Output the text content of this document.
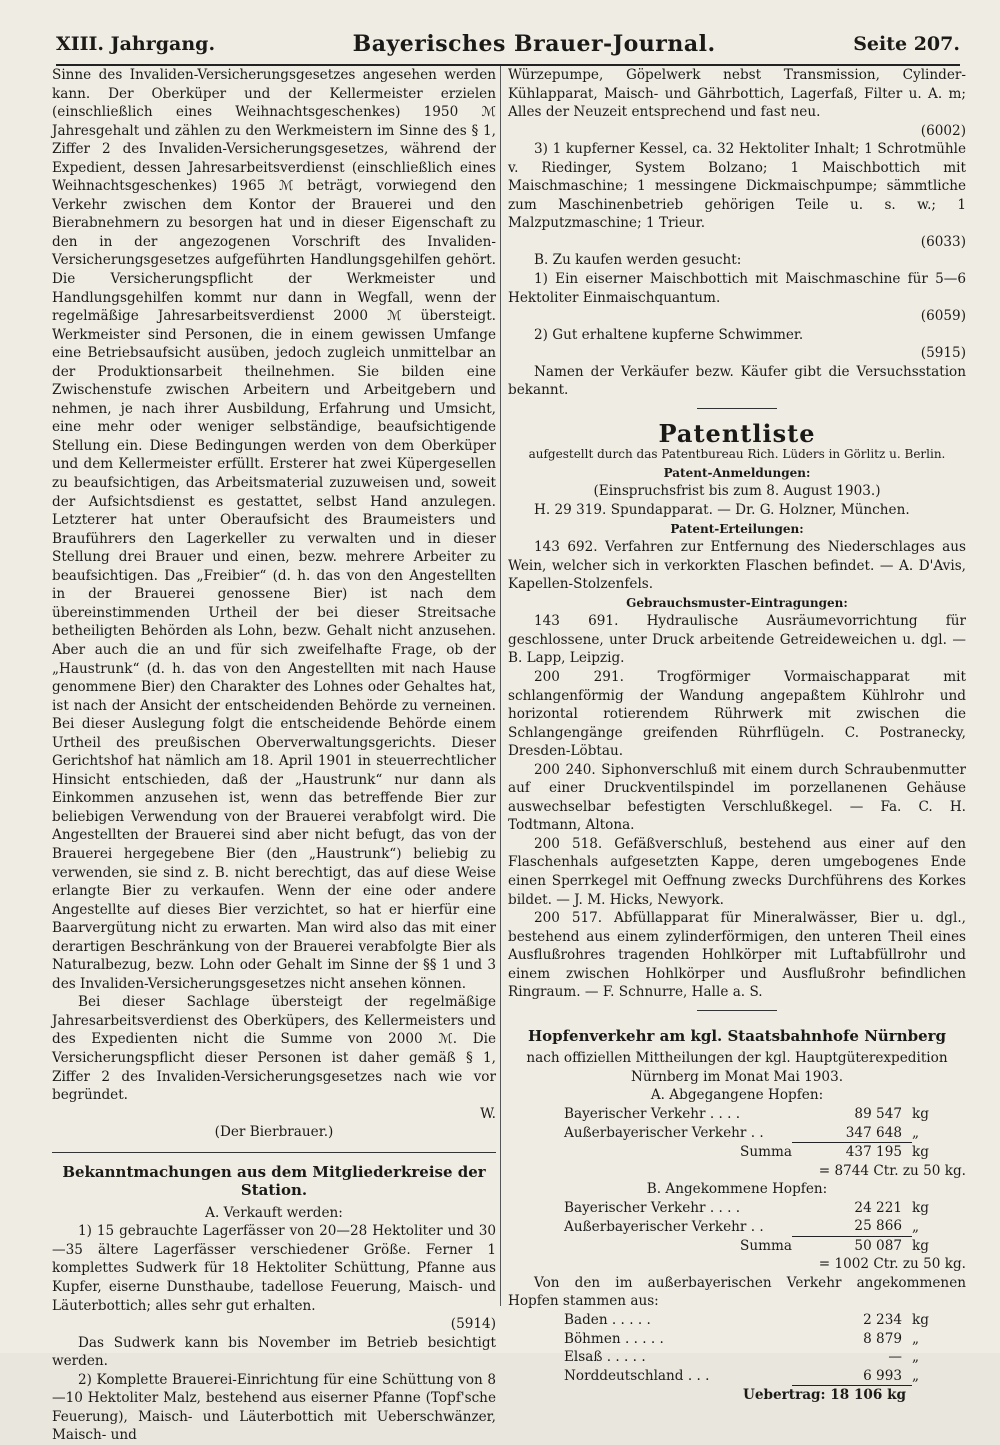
XIII. Jahrgang.	Bayerisches Brauer-Journal.	Seite 207.

Sinne des Invaliden-Versicherungsgesetzes angesehen werden kann. Der Oberküper und der Kellermeister erzielen (einschließlich eines Weihnachtsgeschenkes) 1950 ℳ Jahresgehalt und zählen zu den Werkmeistern im Sinne des § 1, Ziffer 2 des Invaliden-Versicherungsgesetzes, während der Expedient, dessen Jahresarbeitsverdienst (einschließlich eines Weihnachtsgeschenkes) 1965 ℳ beträgt, vorwiegend den Verkehr zwischen dem Kontor der Brauerei und den Bierabnehmern zu besorgen hat und in dieser Eigenschaft zu den in der angezogenen Vorschrift des Invaliden-Versicherungsgesetzes aufgeführten Handlungsgehilfen gehört. Die Versicherungspflicht der Werkmeister und Handlungsgehilfen kommt nur dann in Wegfall, wenn der regelmäßige Jahresarbeitsverdienst 2000 ℳ übersteigt. Werkmeister sind Personen, die in einem gewissen Umfange eine Betriebsaufsicht ausüben, jedoch zugleich unmittelbar an der Produktionsarbeit theilnehmen. Sie bilden eine Zwischenstufe zwischen Arbeitern und Arbeitgebern und nehmen, je nach ihrer Ausbildung, Erfahrung und Umsicht, eine mehr oder weniger selbständige, beaufsichtigende Stellung ein. Diese Bedingungen werden von dem Oberküper und dem Kellermeister erfüllt. Ersterer hat zwei Küpergesellen zu beaufsichtigen, das Arbeitsmaterial zuzuweisen und, soweit der Aufsichtsdienst es gestattet, selbst Hand anzulegen. Letzterer hat unter Oberaufsicht des Braumeisters und Brauführers den Lagerkeller zu verwalten und in dieser Stellung drei Brauer und einen, bezw. mehrere Arbeiter zu beaufsichtigen. Das „Freibier“ (d. h. das von den Angestellten in der Brauerei genossene Bier) ist nach dem übereinstimmenden Urtheil der bei dieser Streitsache betheiligten Behörden als Lohn, bezw. Gehalt nicht anzusehen. Aber auch die an und für sich zweifelhafte Frage, ob der „Haustrunk“ (d. h. das von den Angestellten mit nach Hause genommene Bier) den Charakter des Lohnes oder Gehaltes hat, ist nach der Ansicht der entscheidenden Behörde zu verneinen. Bei dieser Auslegung folgt die entscheidende Behörde einem Urtheil des preußischen Oberverwaltungsgerichts. Dieser Gerichtshof hat nämlich am 18. April 1901 in steuerrechtlicher Hinsicht entschieden, daß der „Haustrunk“ nur dann als Einkommen anzusehen ist, wenn das betreffende Bier zur beliebigen Verwendung von der Brauerei verabfolgt wird. Die Angestellten der Brauerei sind aber nicht befugt, das von der Brauerei hergegebene Bier (den „Haustrunk“) beliebig zu verwenden, sie sind z. B. nicht berechtigt, das auf diese Weise erlangte Bier zu verkaufen. Wenn der eine oder andere Angestellte auf dieses Bier verzichtet, so hat er hierfür eine Baarvergütung nicht zu erwarten. Man wird also das mit einer derartigen Beschränkung von der Brauerei verabfolgte Bier als Naturalbezug, bezw. Lohn oder Gehalt im Sinne der §§ 1 und 3 des Invaliden-Versicherungsgesetzes nicht ansehen können.

Bei dieser Sachlage übersteigt der regelmäßige Jahresarbeitsverdienst des Oberküpers, des Kellermeisters und des Expedienten nicht die Summe von 2000 ℳ. Die Versicherungspflicht dieser Personen ist daher gemäß § 1, Ziffer 2 des Invaliden-Versicherungsgesetzes nach wie vor begründet.

W.

(Der Bierbrauer.)

Bekanntmachungen aus dem Mitgliederkreise der Station.

A. Verkauft werden:

1) 15 gebrauchte Lagerfässer von 20—28 Hektoliter und 30—35 ältere Lagerfässer verschiedener Größe. Ferner 1 komplettes Sudwerk für 18 Hektoliter Schüttung, Pfanne aus Kupfer, eiserne Dunsthaube, tadellose Feuerung, Maisch- und Läuterbottich; alles sehr gut erhalten.

(5914)

Das Sudwerk kann bis November im Betrieb besichtigt werden.

2) Komplette Brauerei-Einrichtung für eine Schüttung von 8—10 Hektoliter Malz, bestehend aus eiserner Pfanne (Topf'sche Feuerung), Maisch- und Läuterbottich mit Ueberschwänzer, Maisch- und

Würzepumpe, Göpelwerk nebst Transmission, Cylinder-Kühlapparat, Maisch- und Gährbottich, Lagerfaß, Filter u. A. m; Alles der Neuzeit entsprechend und fast neu.

(6002)

3) 1 kupferner Kessel, ca. 32 Hektoliter Inhalt; 1 Schrotmühle v. Riedinger, System Bolzano; 1 Maischbottich mit Maischmaschine; 1 messingene Dickmaischpumpe; sämmtliche zum Maschinenbetrieb gehörigen Teile u. s. w.; 1 Malzputzmaschine; 1 Trieur.

(6033)

B. Zu kaufen werden gesucht:

1) Ein eiserner Maischbottich mit Maischmaschine für 5—6 Hektoliter Einmaischquantum.

(6059)

2) Gut erhaltene kupferne Schwimmer.

(5915)

Namen der Verkäufer bezw. Käufer gibt die Versuchsstation bekannt.

Patentliste

aufgestellt durch das Patentbureau Rich. Lüders in Görlitz u. Berlin.

Patent-Anmeldungen:

(Einspruchsfrist bis zum 8. August 1903.)

H. 29 319. Spundapparat. — Dr. G. Holzner, München.

Patent-Erteilungen:

143 692. Verfahren zur Entfernung des Niederschlages aus Wein, welcher sich in verkorkten Flaschen befindet. — A. D'Avis, Kapellen-Stolzenfels.

Gebrauchsmuster-Eintragungen:

143 691. Hydraulische Ausräumevorrichtung für geschlossene, unter Druck arbeitende Getreideweichen u. dgl. — B. Lapp, Leipzig.

200 291. Trogförmiger Vormaischapparat mit schlangenförmig der Wandung angepaßtem Kühlrohr und horizontal rotierendem Rührwerk mit zwischen die Schlangengänge greifenden Rührflügeln. C. Postranecky, Dresden-Löbtau.

200 240. Siphonverschluß mit einem durch Schraubenmutter auf einer Druckventilspindel im porzellanenen Gehäuse auswechselbar befestigten Verschlußkegel. — Fa. C. H. Todtmann, Altona.

200 518. Gefäßverschluß, bestehend aus einer auf den Flaschenhals aufgesetzten Kappe, deren umgebogenes Ende einen Sperrkegel mit Oeffnung zwecks Durchführens des Korkes bildet. — J. M. Hicks, Newyork.

200 517. Abfüllapparat für Mineralwässer, Bier u. dgl., bestehend aus einem zylinderförmigen, den unteren Theil eines Ausflußrohres tragenden Hohlkörper mit Luftabfüllrohr und einem zwischen Hohlkörper und Ausflußrohr befindlichen Ringraum. — F. Schnurre, Halle a. S.

Hopfenverkehr am kgl. Staatsbahnhofe Nürnberg

nach offiziellen Mittheilungen der kgl. Hauptgüterexpedition Nürnberg im Monat Mai 1903.

A. Abgegangene Hopfen:

Bayerischer Verkehr . . . .	89 547	kg
Außerbayerischer Verkehr . .	347 648	„
Summa	437 195	kg
= 8744 Ctr. zu 50 kg.		

B. Angekommene Hopfen:

Bayerischer Verkehr . . . .	24 221	kg
Außerbayerischer Verkehr . .	25 866	„
Summa	50 087	kg
= 1002 Ctr. zu 50 kg.		

Von den im außerbayerischen Verkehr angekommenen Hopfen stammen aus:

Baden . . . . .	2 234	kg
Böhmen . . . . .	8 879	„
Elsaß . . . . .	—	„
Norddeutschland . . .	6 993	„

Uebertrag: 18 106 kg
